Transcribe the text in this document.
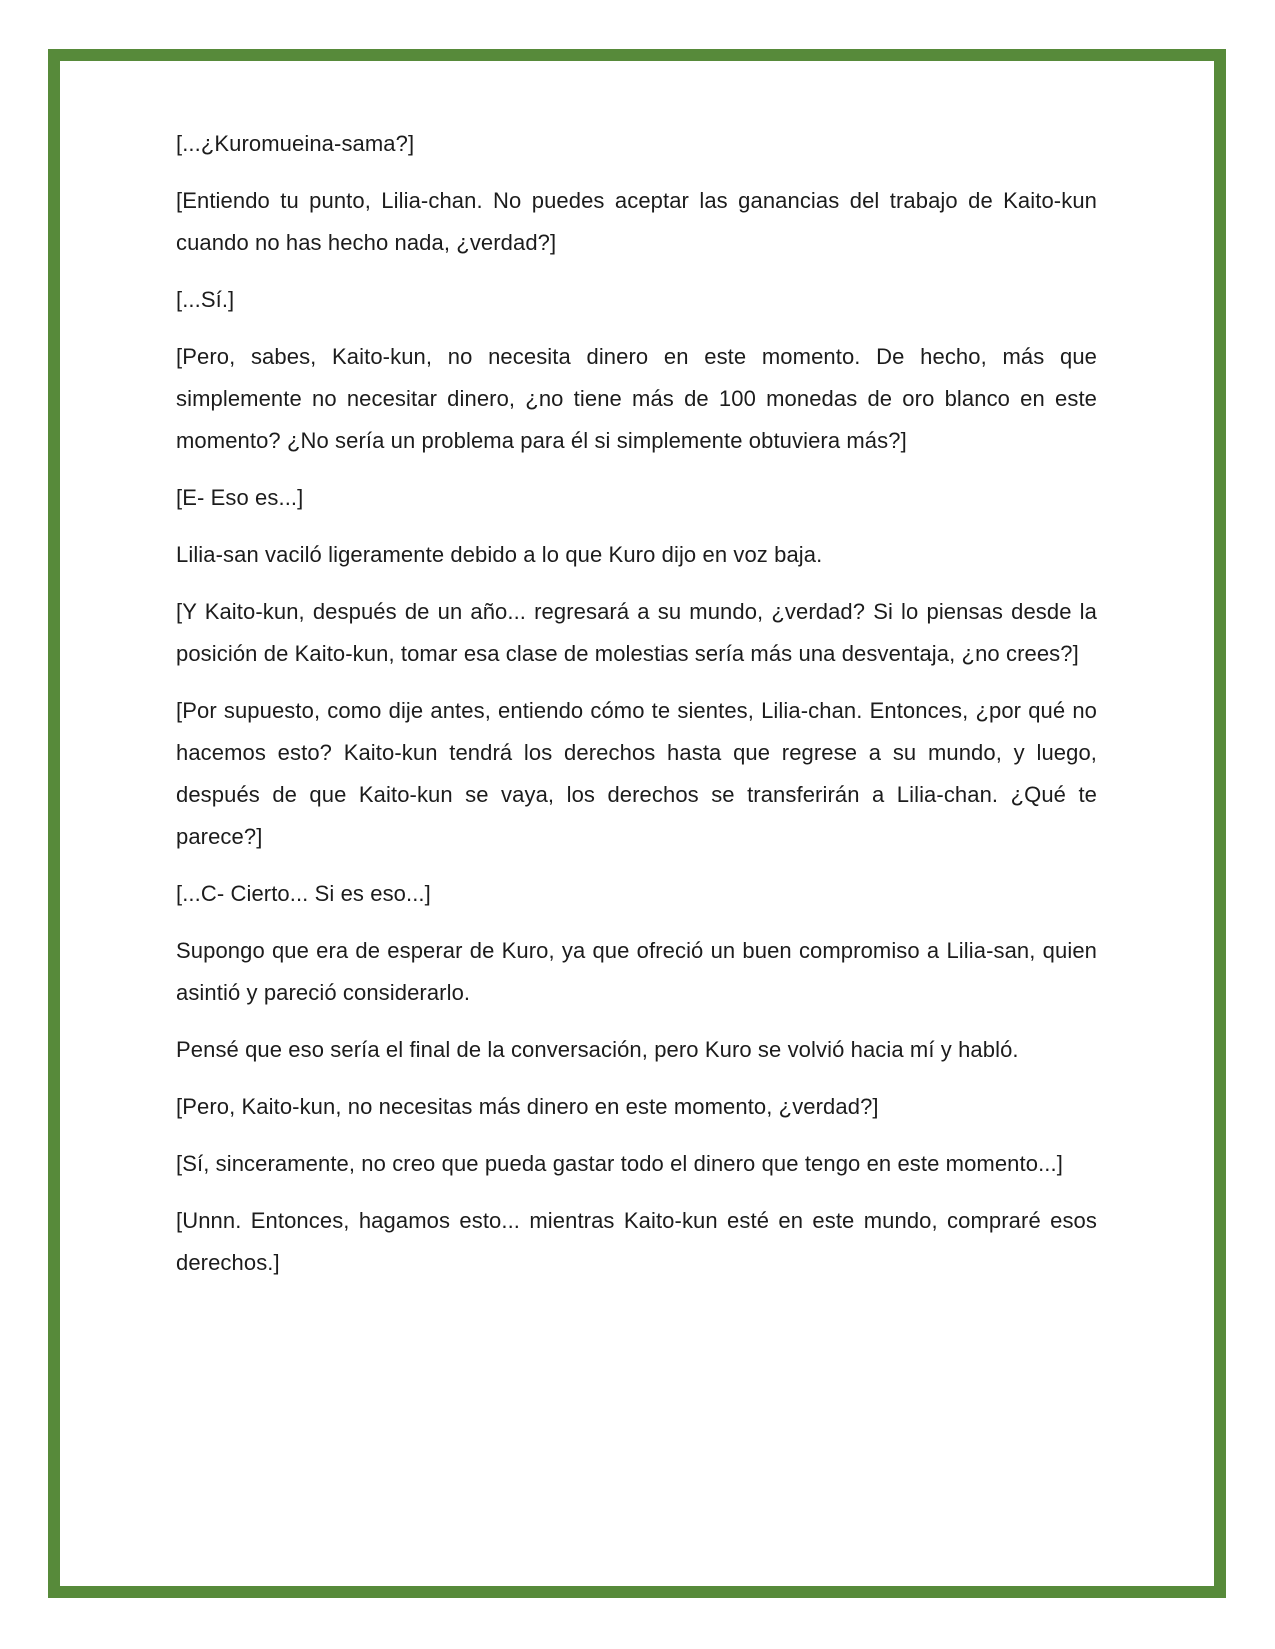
[...¿Kuromueina-sama?]

[Entiendo tu punto, Lilia-chan. No puedes aceptar las ganancias del trabajo de Kaito-kun cuando no has hecho nada, ¿verdad?]

[...Sí.]

[Pero, sabes, Kaito-kun, no necesita dinero en este momento. De hecho, más que simplemente no necesitar dinero, ¿no tiene más de 100 monedas de oro blanco en este momento? ¿No sería un problema para él si simplemente obtuviera más?]

[E- Eso es...]

Lilia-san vaciló ligeramente debido a lo que Kuro dijo en voz baja.

[Y Kaito-kun, después de un año... regresará a su mundo, ¿verdad? Si lo piensas desde la posición de Kaito-kun, tomar esa clase de molestias sería más una desventaja, ¿no crees?]

[Por supuesto, como dije antes, entiendo cómo te sientes, Lilia-chan. Entonces, ¿por qué no hacemos esto? Kaito-kun tendrá los derechos hasta que regrese a su mundo, y luego, después de que Kaito-kun se vaya, los derechos se transferirán a Lilia-chan. ¿Qué te parece?]

[...C- Cierto... Si es eso...]

Supongo que era de esperar de Kuro, ya que ofreció un buen compromiso a Lilia-san, quien asintió y pareció considerarlo.

Pensé que eso sería el final de la conversación, pero Kuro se volvió hacia mí y habló.

[Pero, Kaito-kun, no necesitas más dinero en este momento, ¿verdad?]

[Sí, sinceramente, no creo que pueda gastar todo el dinero que tengo en este momento...]

[Unnn. Entonces, hagamos esto... mientras Kaito-kun esté en este mundo, compraré esos derechos.]
